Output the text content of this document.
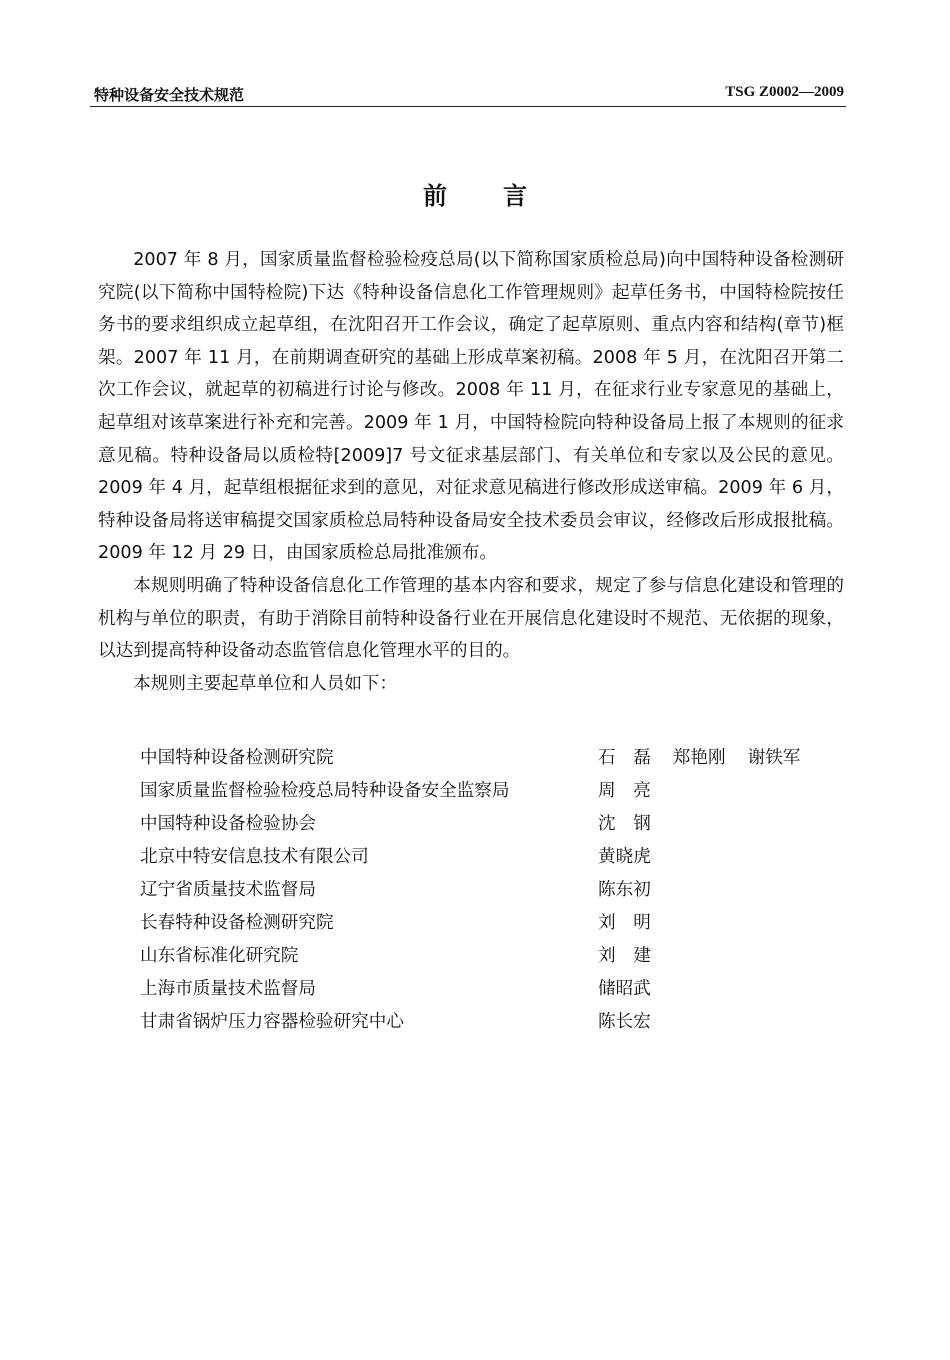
特种设备安全技术规范	TSG Z0002—2009
前 言

2007 年 8 月，国家质量监督检验检疫总局(以下简称国家质检总局)向中国特种设备检测研究院(以下简称中国特检院)下达《特种设备信息化工作管理规则》起草任务书，中国特检院按任务书的要求组织成立起草组，在沈阳召开工作会议，确定了起草原则、重点内容和结构(章节)框架。2007 年 11 月，在前期调查研究的基础上形成草案初稿。2008 年 5 月，在沈阳召开第二次工作会议，就起草的初稿进行讨论与修改。2008 年 11 月，在征求行业专家意见的基础上，起草组对该草案进行补充和完善。2009 年 1 月，中国特检院向特种设备局上报了本规则的征求意见稿。特种设备局以质检特[2009]7 号文征求基层部门、有关单位和专家以及公民的意见。2009 年 4 月，起草组根据征求到的意见，对征求意见稿进行修改形成送审稿。2009 年 6 月，特种设备局将送审稿提交国家质检总局特种设备局安全技术委员会审议，经修改后形成报批稿。2009 年 12 月 29 日，由国家质检总局批准颁布。

本规则明确了特种设备信息化工作管理的基本内容和要求，规定了参与信息化建设和管理的机构与单位的职责，有助于消除目前特种设备行业在开展信息化建设时不规范、无依据的现象，以达到提高特种设备动态监管信息化管理水平的目的。

本规则主要起草单位和人员如下：

中国特种设备检测研究院	石　磊 郑艳刚 谢铁军
国家质量监督检验检疫总局特种设备安全监察局	周　亮
中国特种设备检验协会	沈　钢
北京中特安信息技术有限公司	黄晓虎
辽宁省质量技术监督局	陈东初
长春特种设备检测研究院	刘　明
山东省标准化研究院	刘　建
上海市质量技术监督局	储昭武
甘肃省锅炉压力容器检验研究中心	陈长宏
